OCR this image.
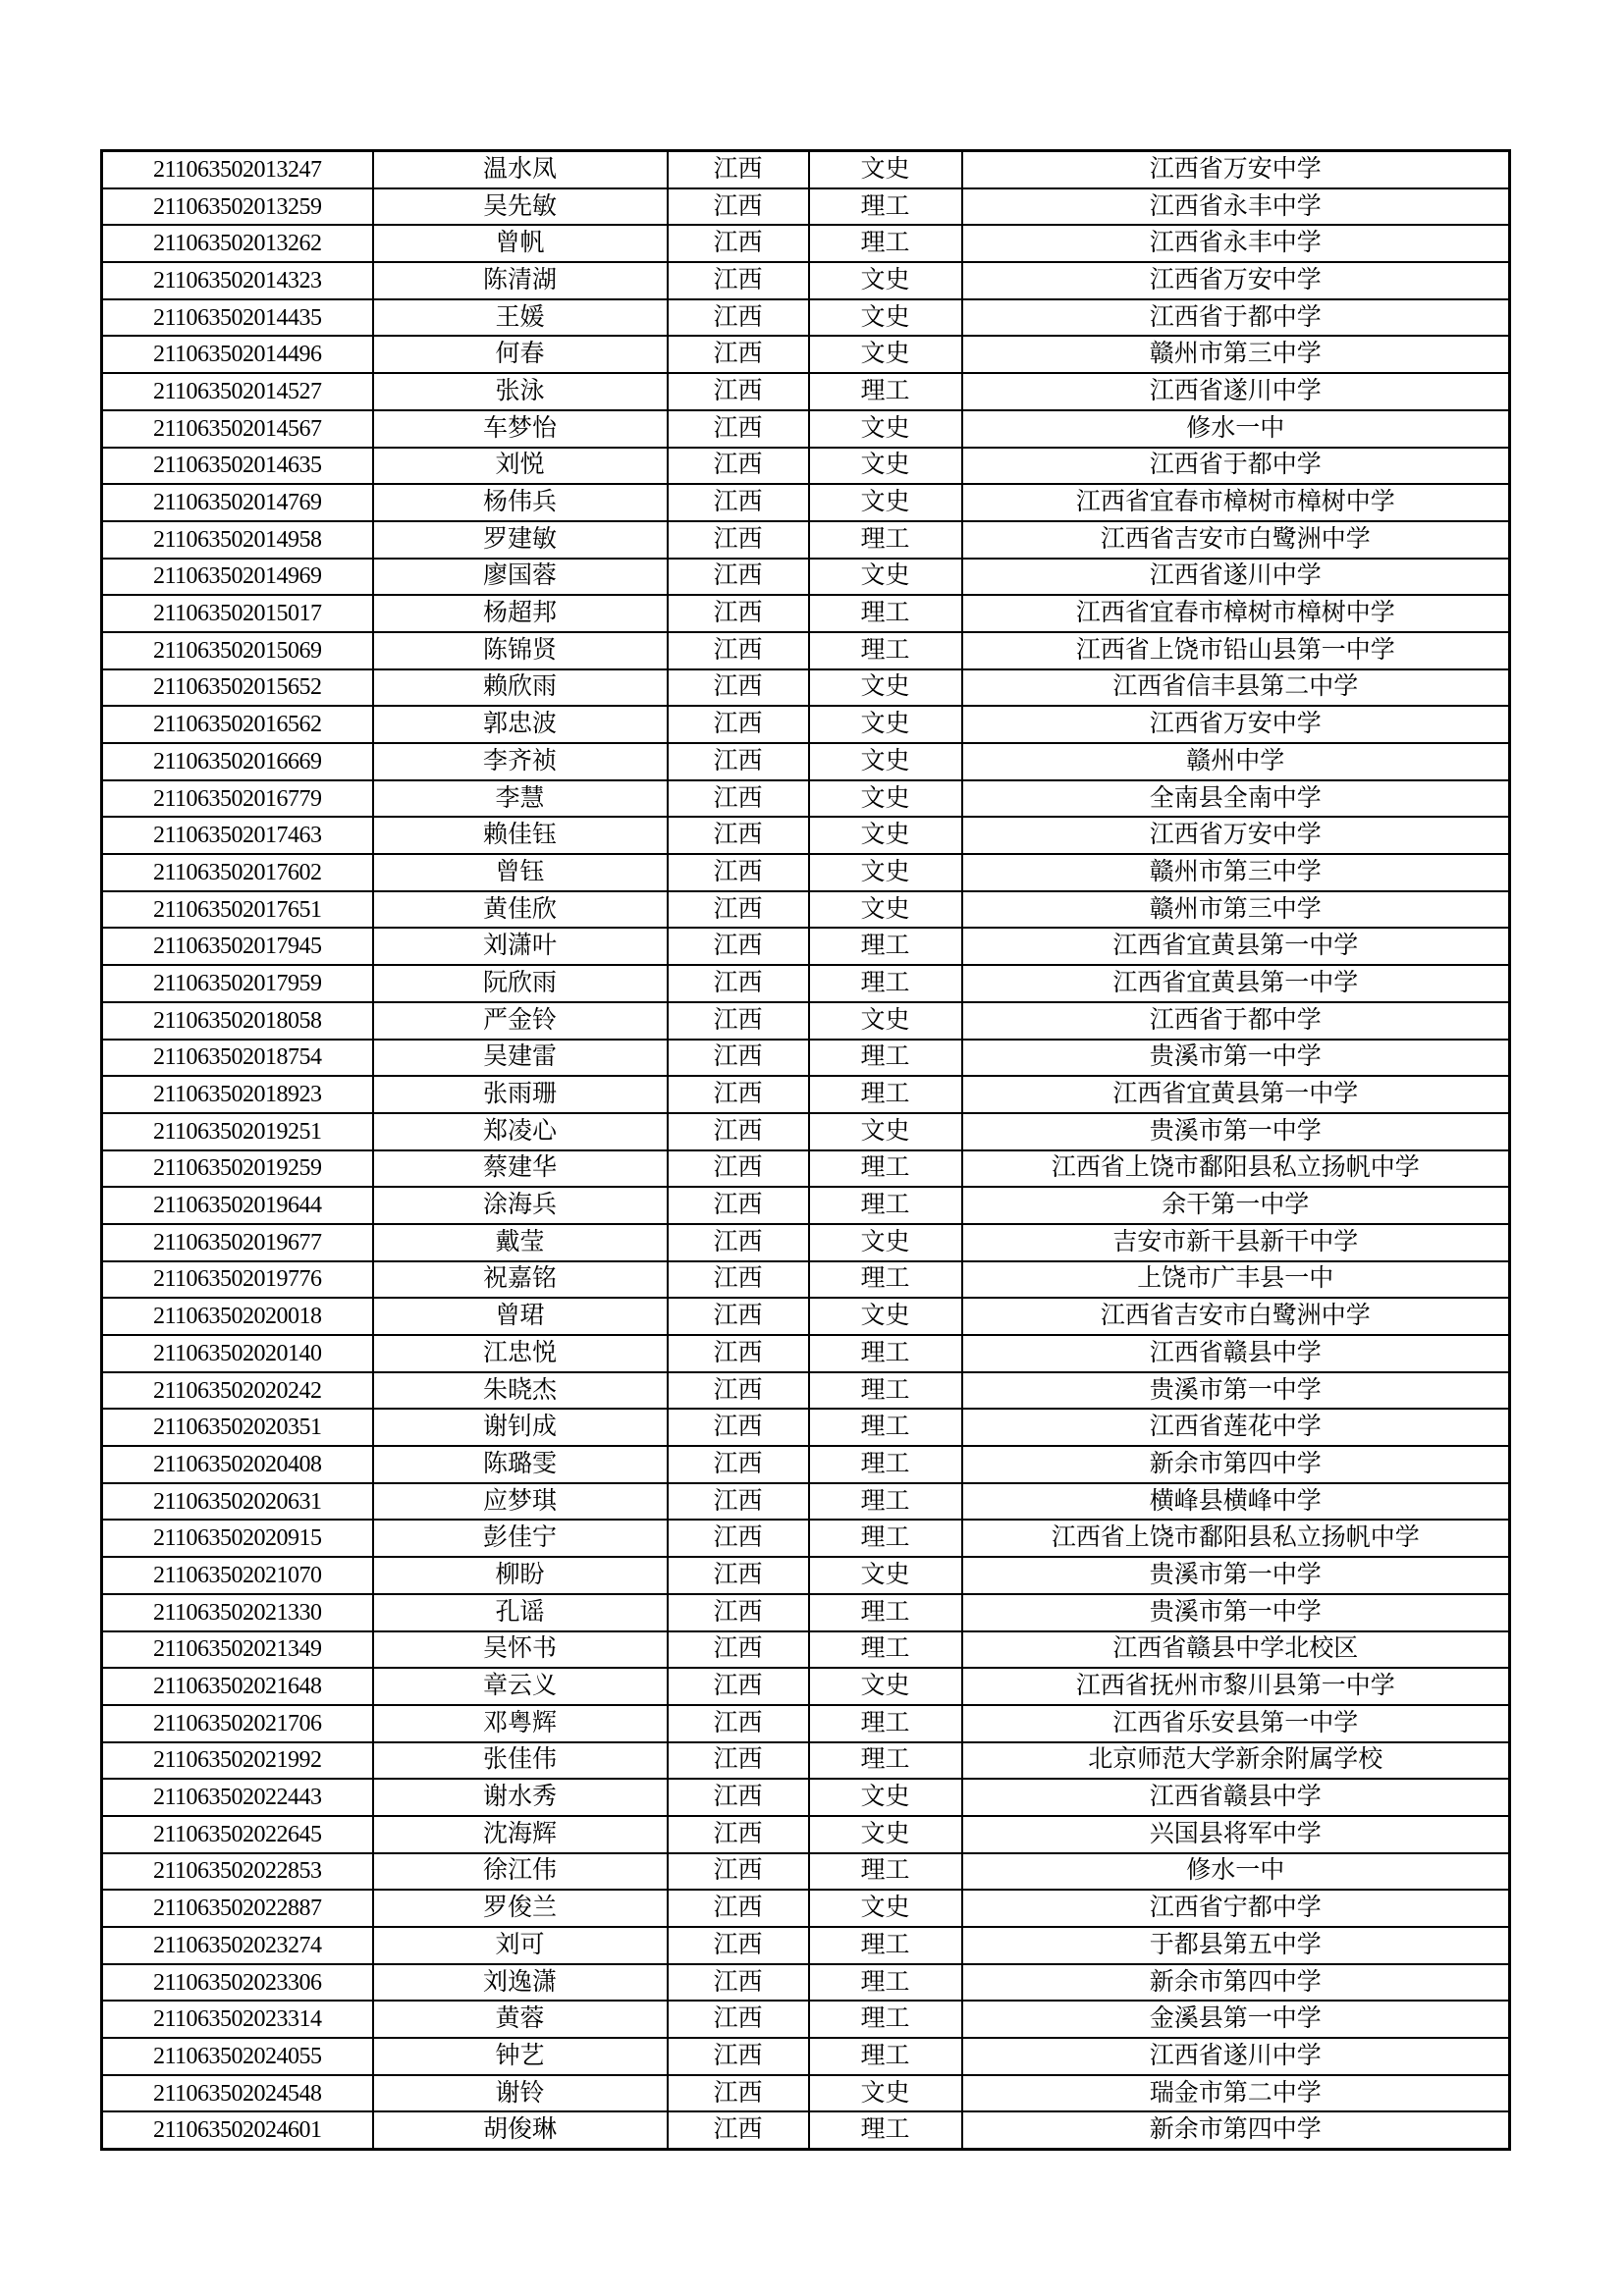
211063502013247	温水凤	江西	文史	江西省万安中学
211063502013259	吴先敏	江西	理工	江西省永丰中学
211063502013262	曾帆	江西	理工	江西省永丰中学
211063502014323	陈清湖	江西	文史	江西省万安中学
211063502014435	王媛	江西	文史	江西省于都中学
211063502014496	何春	江西	文史	赣州市第三中学
211063502014527	张泳	江西	理工	江西省遂川中学
211063502014567	车梦怡	江西	文史	修水一中
211063502014635	刘悦	江西	文史	江西省于都中学
211063502014769	杨伟兵	江西	文史	江西省宜春市樟树市樟树中学
211063502014958	罗建敏	江西	理工	江西省吉安市白鹭洲中学
211063502014969	廖国蓉	江西	文史	江西省遂川中学
211063502015017	杨超邦	江西	理工	江西省宜春市樟树市樟树中学
211063502015069	陈锦贤	江西	理工	江西省上饶市铅山县第一中学
211063502015652	赖欣雨	江西	文史	江西省信丰县第二中学
211063502016562	郭忠波	江西	文史	江西省万安中学
211063502016669	李齐祯	江西	文史	赣州中学
211063502016779	李慧	江西	文史	全南县全南中学
211063502017463	赖佳钰	江西	文史	江西省万安中学
211063502017602	曾钰	江西	文史	赣州市第三中学
211063502017651	黄佳欣	江西	文史	赣州市第三中学
211063502017945	刘潇叶	江西	理工	江西省宜黄县第一中学
211063502017959	阮欣雨	江西	理工	江西省宜黄县第一中学
211063502018058	严金铃	江西	文史	江西省于都中学
211063502018754	吴建雷	江西	理工	贵溪市第一中学
211063502018923	张雨珊	江西	理工	江西省宜黄县第一中学
211063502019251	郑凌心	江西	文史	贵溪市第一中学
211063502019259	蔡建华	江西	理工	江西省上饶市鄱阳县私立扬帆中学
211063502019644	涂海兵	江西	理工	余干第一中学
211063502019677	戴莹	江西	文史	吉安市新干县新干中学
211063502019776	祝嘉铭	江西	理工	上饶市广丰县一中
211063502020018	曾珺	江西	文史	江西省吉安市白鹭洲中学
211063502020140	江忠悦	江西	理工	江西省赣县中学
211063502020242	朱晓杰	江西	理工	贵溪市第一中学
211063502020351	谢钊成	江西	理工	江西省莲花中学
211063502020408	陈璐雯	江西	理工	新余市第四中学
211063502020631	应梦琪	江西	理工	横峰县横峰中学
211063502020915	彭佳宁	江西	理工	江西省上饶市鄱阳县私立扬帆中学
211063502021070	柳盼	江西	文史	贵溪市第一中学
211063502021330	孔谣	江西	理工	贵溪市第一中学
211063502021349	吴怀书	江西	理工	江西省赣县中学北校区
211063502021648	章云义	江西	文史	江西省抚州市黎川县第一中学
211063502021706	邓粤辉	江西	理工	江西省乐安县第一中学
211063502021992	张佳伟	江西	理工	北京师范大学新余附属学校
211063502022443	谢水秀	江西	文史	江西省赣县中学
211063502022645	沈海辉	江西	文史	兴国县将军中学
211063502022853	徐江伟	江西	理工	修水一中
211063502022887	罗俊兰	江西	文史	江西省宁都中学
211063502023274	刘可	江西	理工	于都县第五中学
211063502023306	刘逸潇	江西	理工	新余市第四中学
211063502023314	黄蓉	江西	理工	金溪县第一中学
211063502024055	钟艺	江西	理工	江西省遂川中学
211063502024548	谢铃	江西	文史	瑞金市第二中学
211063502024601	胡俊琳	江西	理工	新余市第四中学
